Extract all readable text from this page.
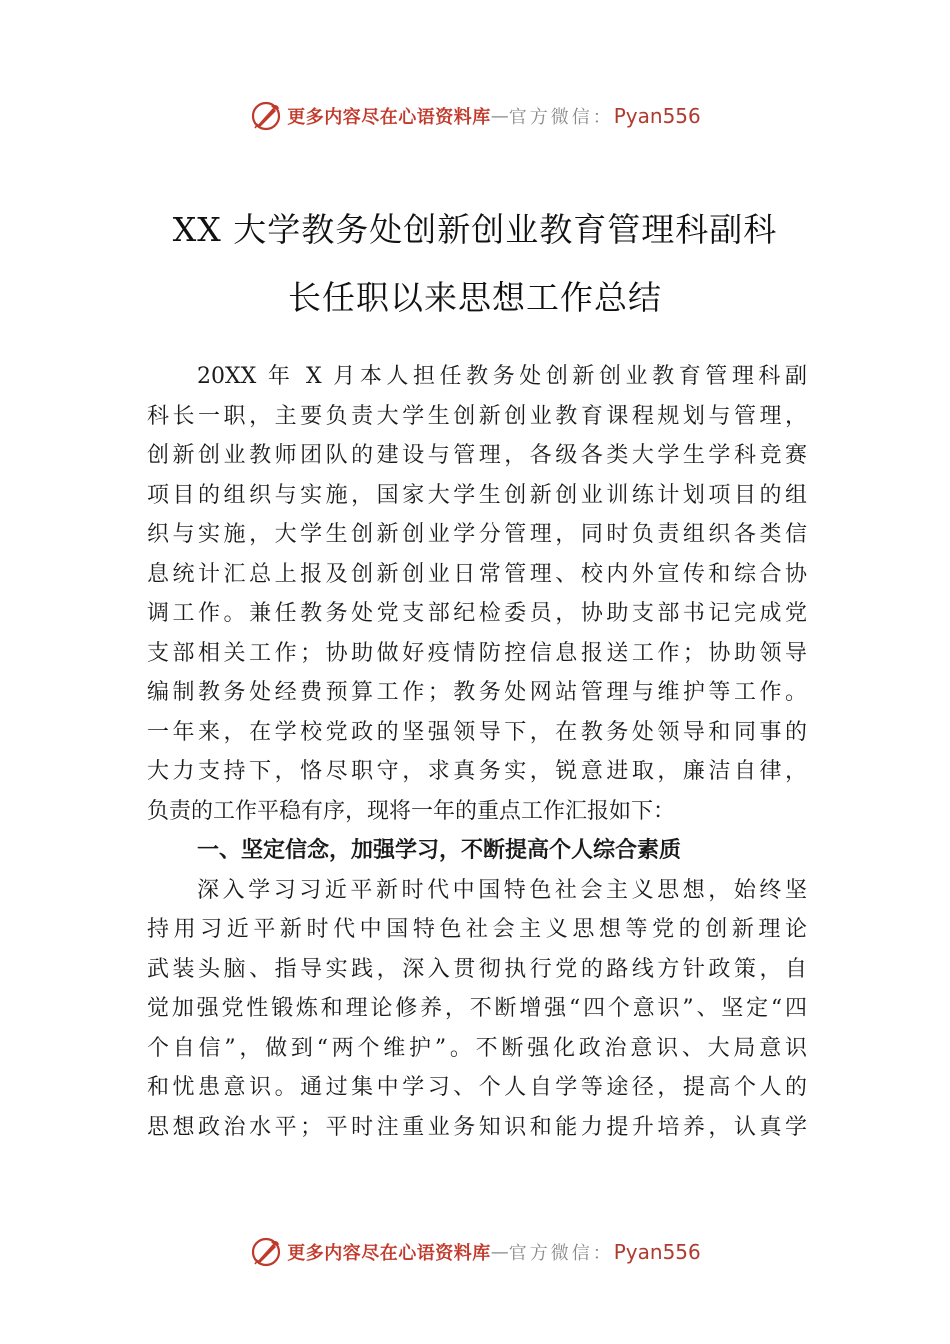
更多内容尽在心语资料库 — 官方微信： Pyan556
XX 大学教务处创新创业教育管理科副科
长任职以来思想工作总结
20XX 年 X 月本人担任教务处创新创业教育管理科副
科长一职，主要负责大学生创新创业教育课程规划与管理，
创新创业教师团队的建设与管理，各级各类大学生学科竞赛
项目的组织与实施，国家大学生创新创业训练计划项目的组
织与实施，大学生创新创业学分管理，同时负责组织各类信
息统计汇总上报及创新创业日常管理、校内外宣传和综合协
调工作。兼任教务处党支部纪检委员，协助支部书记完成党
支部相关工作；协助做好疫情防控信息报送工作；协助领导
编制教务处经费预算工作；教务处网站管理与维护等工作。
一年来，在学校党政的坚强领导下，在教务处领导和同事的
大力支持下，恪尽职守，求真务实，锐意进取，廉洁自律，
负责的工作平稳有序，现将一年的重点工作汇报如下：
一、坚定信念，加强学习，不断提高个人综合素质
深入学习习近平新时代中国特色社会主义思想，始终坚
持用习近平新时代中国特色社会主义思想等党的创新理论
武装头脑、指导实践，深入贯彻执行党的路线方针政策，自
觉加强党性锻炼和理论修养，不断增强“四个意识”、坚定“四
个自信”，做到“两个维护”。不断强化政治意识、大局意识
和忧患意识。通过集中学习、个人自学等途径，提高个人的
思想政治水平；平时注重业务知识和能力提升培养，认真学
更多内容尽在心语资料库 — 官方微信： Pyan556
